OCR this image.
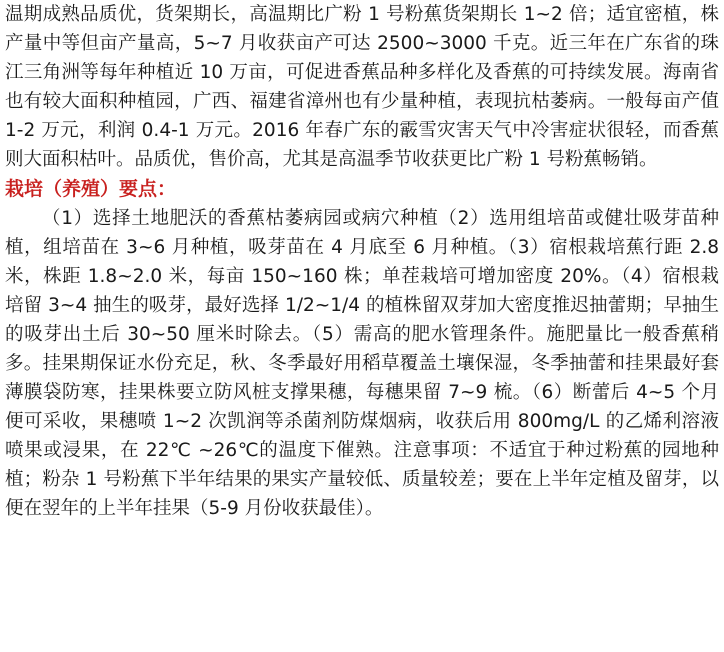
温期成熟品质优，货架期长，高温期比广粉 1 号粉蕉货架期长 1~2 倍；适宜密植，株产量中等但亩产量高，5~7 月收获亩产可达 2500~3000 千克。近三年在广东省的珠江三角洲等每年种植近 10 万亩，可促进香蕉品种多样化及香蕉的可持续发展。海南省也有较大面积种植园，广西、福建省漳州也有少量种植，表现抗枯萎病。一般每亩产值 1-2 万元，利润 0.4-1 万元。2016 年春广东的霰雪灾害天气中冷害症状很轻，而香蕉则大面积枯叶。品质优，售价高，尤其是高温季节收获更比广粉 1 号粉蕉畅销。

栽培（养殖）要点：

（1）选择土地肥沃的香蕉枯萎病园或病穴种植（2）选用组培苗或健壮吸芽苗种植，组培苗在 3~6 月种植，吸芽苗在 4 月底至 6 月种植。（3）宿根栽培蕉行距 2.8 米，株距 1.8~2.0 米，每亩 150~160 株；单茬栽培可增加密度 20%。（4）宿根栽培留 3~4 抽生的吸芽，最好选择 1/2~1/4 的植株留双芽加大密度推迟抽蕾期；早抽生的吸芽出土后 30~50 厘米时除去。（5）需高的肥水管理条件。施肥量比一般香蕉稍多。挂果期保证水份充足，秋、冬季最好用稻草覆盖土壤保湿，冬季抽蕾和挂果最好套薄膜袋防寒，挂果株要立防风桩支撑果穗，每穗果留 7~9 梳。（6）断蕾后 4~5 个月便可采收，果穗喷 1~2 次凯润等杀菌剂防煤烟病，收获后用 800mg/L 的乙烯利溶液喷果或浸果，在 22℃ ~26℃的温度下催熟。注意事项：不适宜于种过粉蕉的园地种植；粉杂 1 号粉蕉下半年结果的果实产量较低、质量较差；要在上半年定植及留芽，以便在翌年的上半年挂果（5-9 月份收获最佳）。
